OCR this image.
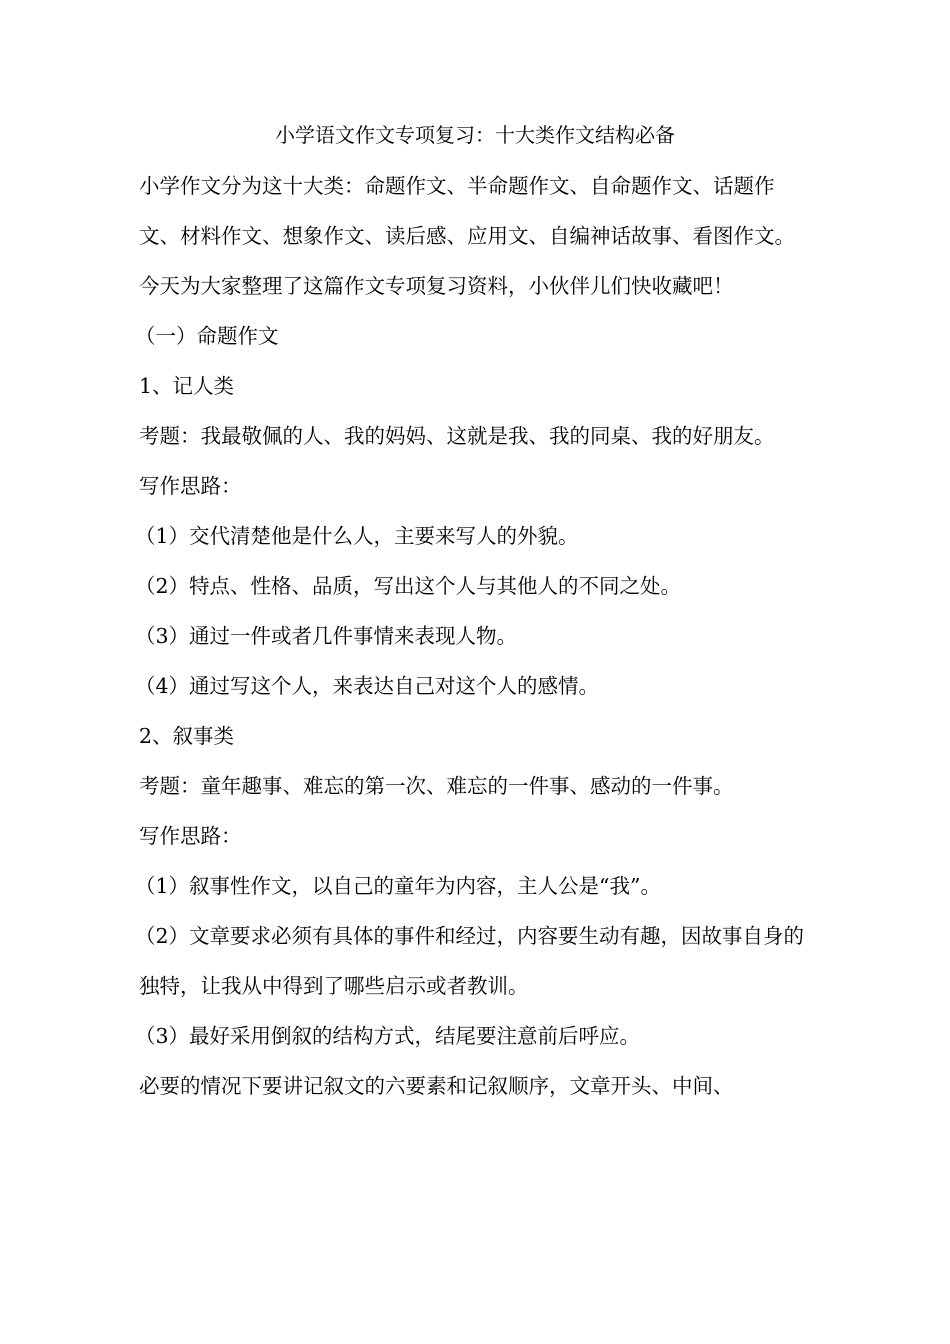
小学语文作文专项复习：十大类作文结构必备

小学作文分为这十大类：命题作文、半命题作文、自命题作文、话题作文、材料作文、想象作文、读后感、应用文、自编神话故事、看图作文。

今天为大家整理了这篇作文专项复习资料，小伙伴儿们快收藏吧！

（一）命题作文

1、记人类

考题：我最敬佩的人、我的妈妈、这就是我、我的同桌、我的好朋友。

写作思路：

（1）交代清楚他是什么人，主要来写人的外貌。

（2）特点、性格、品质，写出这个人与其他人的不同之处。

（3）通过一件或者几件事情来表现人物。

（4）通过写这个人，来表达自己对这个人的感情。

2、叙事类

考题：童年趣事、难忘的第一次、难忘的一件事、感动的一件事。

写作思路：

（1）叙事性作文，以自己的童年为内容，主人公是“我”。

（2）文章要求必须有具体的事件和经过，内容要生动有趣，因故事自身的独特，让我从中得到了哪些启示或者教训。

（3）最好采用倒叙的结构方式，结尾要注意前后呼应。

必要的情况下要讲记叙文的六要素和记叙顺序，文章开头、中间、
